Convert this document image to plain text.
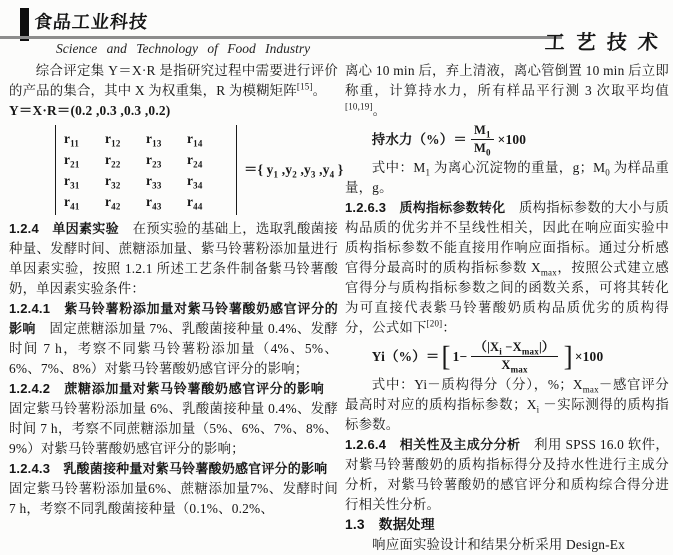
食品工业科技
Science and Technology of Food Industry	工艺技术

综合评定集 Y＝X·R 是指研究过程中需要进行评价的产品的集合，其中 X 为权重集，R 为模糊矩阵[15]。

Y＝X·R＝(0.2 ,0.3 ,0.3 ,0.2)

$r_{11}$	$r_{12}$	$r_{13}$	$r_{14}$
$r_{21}$	$r_{22}$	$r_{23}$	$r_{24}$
$r_{31}$	$r_{32}$	$r_{33}$	$r_{34}$
$r_{41}$	$r_{42}$	$r_{43}$	$r_{44}$
＝{ $y_1$ $,y_2$ $,y_3$ $,y_4$ }

1.2.4　单因素实验　在预实验的基础上，选取乳酸菌接种量、发酵时间、蔗糖添加量、紫马铃薯粉添加量进行单因素实验，按照 1.2.1 所述工艺条件制备紫马铃薯酸奶，单因素实验条件：

1.2.4.1　紫马铃薯粉添加量对紫马铃薯酸奶感官评分的影响　固定蔗糖添加量 7%、乳酸菌接种量 0.4%、发酵时间 7 h，考察不同紫马铃薯粉添加量（4%、5%、6%、7%、8%）对紫马铃薯酸奶感官评分的影响；

1.2.4.2　蔗糖添加量对紫马铃薯酸奶感官评分的影响　固定紫马铃薯粉添加量 6%、乳酸菌接种量 0.4%、发酵时间 7 h，考察不同蔗糖添加量（5%、6%、7%、8%、9%）对紫马铃薯酸奶感官评分的影响；

1.2.4.3　乳酸菌接种量对紫马铃薯酸奶感官评分的影响　固定紫马铃薯粉添加量6%、蔗糖添加量7%、发酵时间 7 h，考察不同乳酸菌接种量（0.1%、0.2%、

离心 10 min 后，弃上清液，离心管倒置 10 min 后立即称重，计算持水力，所有样品平行测 3 次取平均值[10,19]。

持水力（%）＝ $\frac{M_1}{M_0} \times 100$

式中：$M_1$ 为离心沉淀物的重量，g；$M_0$ 为样品重量，g。

1.2.6.3　质构指标参数转化　质构指标参数的大小与质构品质的优劣并不呈线性相关，因此在响应面实验中质构指标参数不能直接用作响应面指标。通过分析感官得分最高时的质构指标参数 $X_{max}$，按照公式建立感官得分与质构指标参数之间的函数关系，可将其转化为可直接代表紫马铃薯酸奶质构品质优劣的质构得分，公式如下[20]：

Yi（%）＝ [ $1- \frac{(|X_i -X_{max}|)}{X_{max}}$ ] ×100

式中：Yi－质构得分（分），%；$X_{max}-$感官评分最高时对应的质构指标参数；$X_i$ －实际测得的质构指标参数。

1.2.6.4　相关性及主成分分析　利用 SPSS 16.0 软件，对紫马铃薯酸奶的质构指标得分及持水性进行主成分分析，对紫马铃薯酸奶的感官评分和质构综合得分进行相关性分析。

1.3　数据处理

　　响应面实验设计和结果分析采用 Design-Ex
